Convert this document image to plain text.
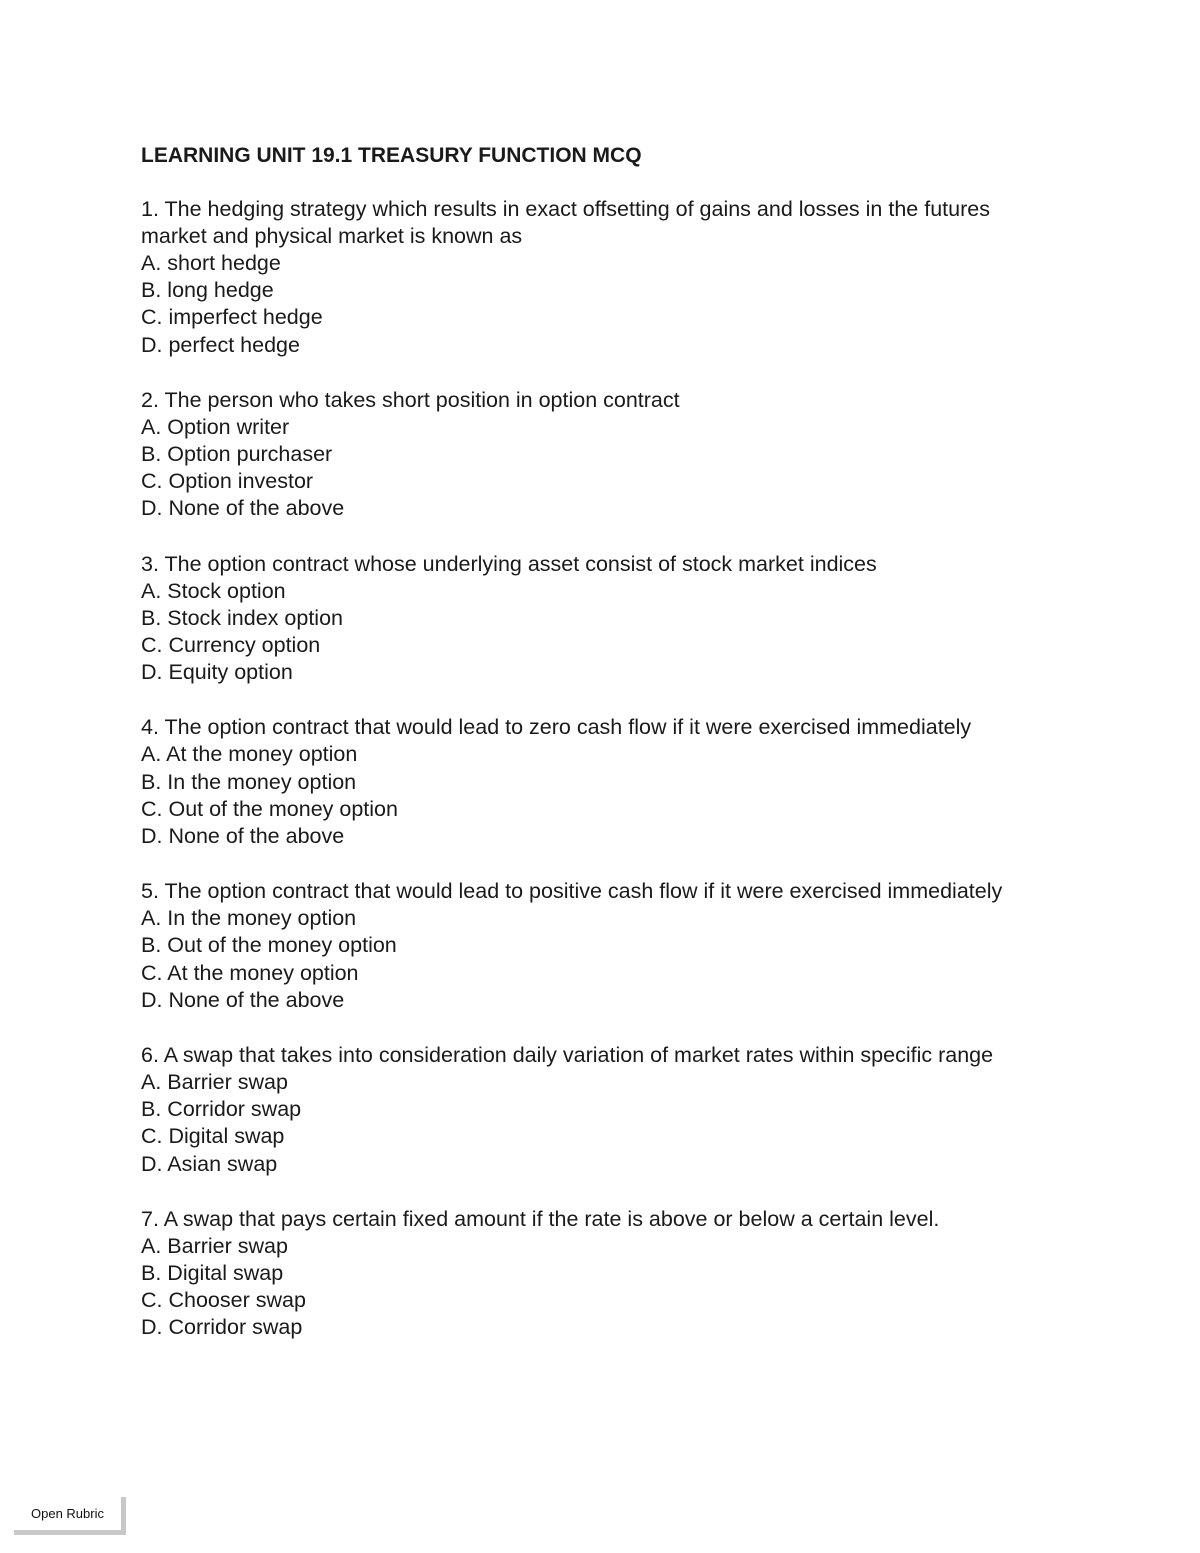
LEARNING UNIT 19.1 TREASURY FUNCTION MCQ
1. The hedging strategy which results in exact offsetting of gains and losses in the futures market and physical market is known as
A. short hedge
B. long hedge
C. imperfect hedge
D. perfect hedge
2. The person who takes short position in option contract
A. Option writer
B. Option purchaser
C. Option investor
D. None of the above
3. The option contract whose underlying asset consist of stock market indices
A. Stock option
B. Stock index option
C. Currency option
D. Equity option
4. The option contract that would lead to zero cash flow if it were exercised immediately
A. At the money option
B. In the money option
C. Out of the money option
D. None of the above
5. The option contract that would lead to positive cash flow if it were exercised immediately
A. In the money option
B. Out of the money option
C. At the money option
D. None of the above
6. A swap that takes into consideration daily variation of market rates within specific range
A. Barrier swap
B. Corridor swap
C. Digital swap
D. Asian swap
7. A swap that pays certain fixed amount if the rate is above or below a certain level.
A. Barrier swap
B. Digital swap
C. Chooser swap
D. Corridor swap
Open Rubric
